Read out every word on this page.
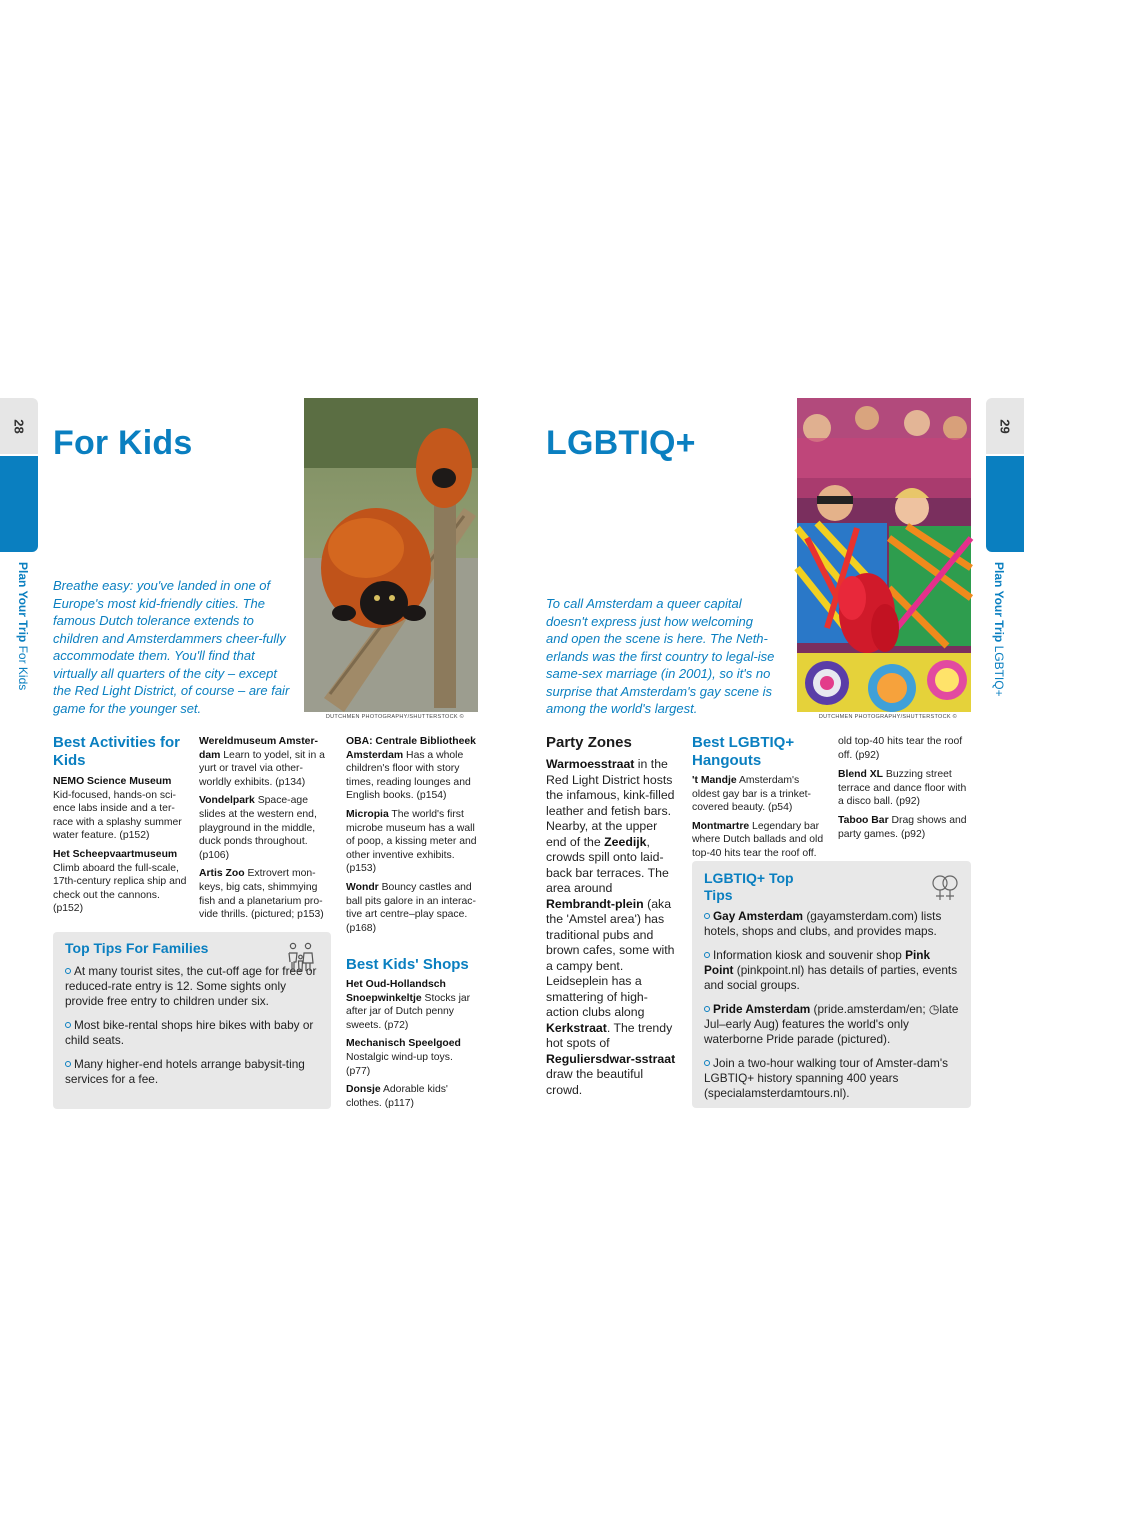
28
Plan Your Trip For Kids
29
Plan Your Trip LGBTIQ+
For Kids
Breathe easy: you've landed in one of Europe's most kid-friendly cities. The famous Dutch tolerance extends to children and Amsterdammers cheer-fully accommodate them. You'll find that virtually all quarters of the city – except the Red Light District, of course – are fair game for the younger set.
DUTCHMEN PHOTOGRAPHY/SHUTTERSTOCK ©
Best Activities for Kids
NEMO Science Museum Kid-focused, hands-on sci-ence labs inside and a ter-race with a splashy summer water feature. (p152)
Het Scheepvaartmuseum Climb aboard the full-scale, 17th-century replica ship and check out the cannons. (p152)
Wereldmuseum Amster-dam Learn to yodel, sit in a yurt or travel via other-worldly exhibits. (p134)
Vondelpark Space-age slides at the western end, playground in the middle, duck ponds throughout. (p106)
Artis Zoo Extrovert mon-keys, big cats, shimmying fish and a planetarium pro-vide thrills. (pictured; p153)
OBA: Centrale Bibliotheek Amsterdam Has a whole children's floor with story times, reading lounges and English books. (p154)
Micropia The world's first microbe museum has a wall of poop, a kissing meter and other inventive exhibits. (p153)
Wondr Bouncy castles and ball pits galore in an interac-tive art centre–play space. (p168)
Top Tips For Families
At many tourist sites, the cut-off age for free or reduced-rate entry is 12. Some sights only provide free entry to children under six.
Most bike-rental shops hire bikes with baby or child seats.
Many higher-end hotels arrange babysit-ting services for a fee.
Best Kids' Shops
Het Oud-Hollandsch Snoepwinkeltje Stocks jar after jar of Dutch penny sweets. (p72)
Mechanisch Speelgoed Nostalgic wind-up toys. (p77)
Donsje Adorable kids' clothes. (p117)
LGBTIQ+
To call Amsterdam a queer capital doesn't express just how welcoming and open the scene is here. The Neth-erlands was the first country to legal-ise same-sex marriage (in 2001), so it's no surprise that Amsterdam's gay scene is among the world's largest.
DUTCHMEN PHOTOGRAPHY/SHUTTERSTOCK ©
Party Zones
Warmoesstraat in the Red Light District hosts the infamous, kink-filled leather and fetish bars. Nearby, at the upper end of the Zeedijk, crowds spill onto laid-back bar terraces. The area around Rembrandt-plein (aka the 'Amstel area') has traditional pubs and brown cafes, some with a campy bent. Leidseplein has a smattering of high-action clubs along Kerkstraat. The trendy hot spots of Reguliersdwar-sstraat draw the beautiful crowd.
Best LGBTIQ+ Hangouts
't Mandje Amsterdam's oldest gay bar is a trinket-covered beauty. (p54)
Montmartre Legendary bar where Dutch ballads and old top-40 hits tear the roof off.
old top-40 hits tear the roof off. (p92)
Blend XL Buzzing street terrace and dance floor with a disco ball. (p92)
Taboo Bar Drag shows and party games. (p92)
LGBTIQ+ Top Tips
Gay Amsterdam (gayamsterdam.com) lists hotels, shops and clubs, and provides maps.
Information kiosk and souvenir shop Pink Point (pinkpoint.nl) has details of parties, events and social groups.
Pride Amsterdam (pride.amsterdam/en; ◷late Jul–early Aug) features the world's only waterborne Pride parade (pictured).
Join a two-hour walking tour of Amster-dam's LGBTIQ+ history spanning 400 years (specialamsterdamtours.nl).
